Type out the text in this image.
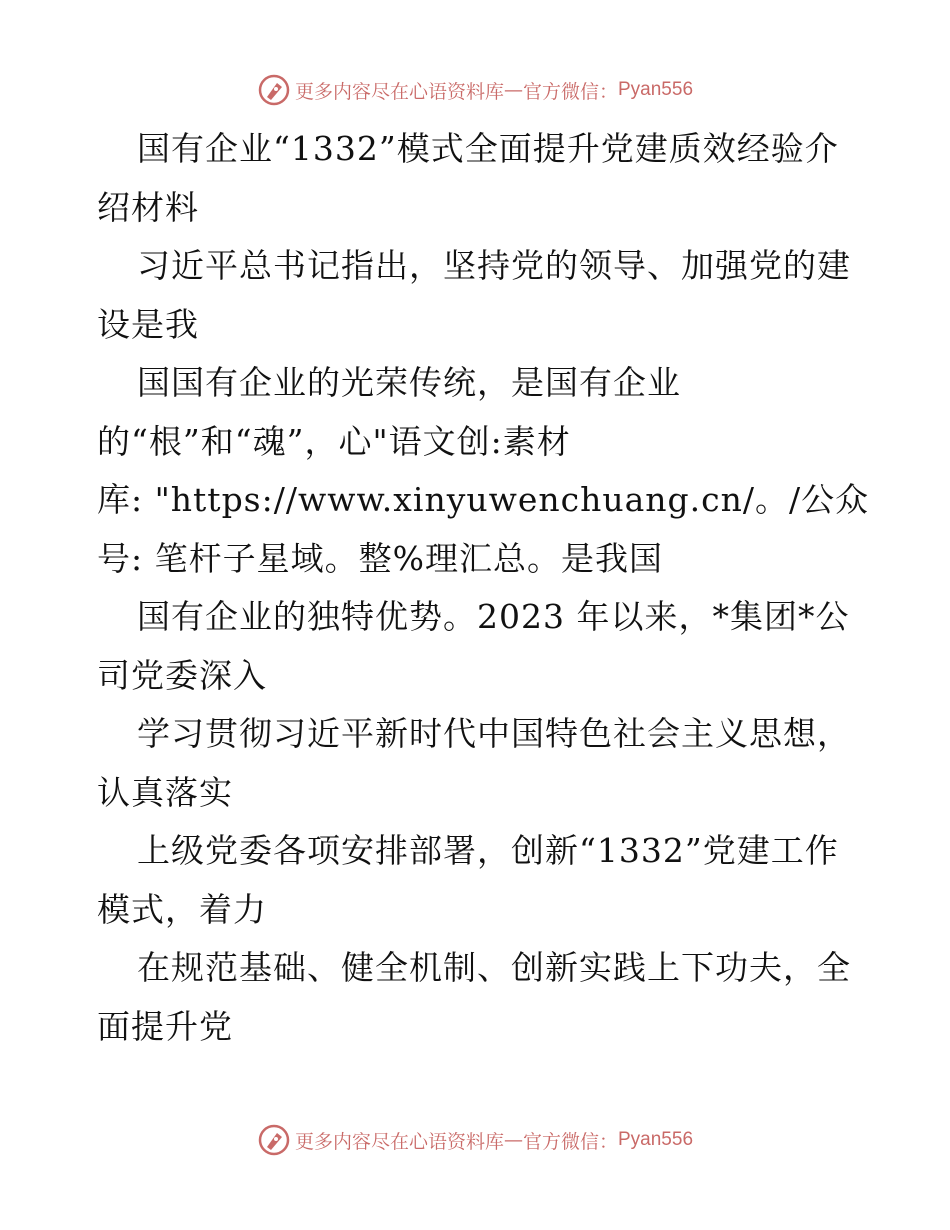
更多内容尽在心语资料库 — 官方微信： Pyan556
国有企业“1332”模式全面提升党建质效经验介
绍材料
习近平总书记指出，坚持党的领导、加强党的建
设是我
国国有企业的光荣传统，是国有企业
的“根”和“魂”，心"语文创:素材
库: "https://www.xinyuwenchuang.cn/。/公众
号: 笔杆子星域。整%理汇总。是我国
国有企业的独特优势。2023 年以来，*集团*公
司党委深入
学习贯彻习近平新时代中国特色社会主义思想，
认真落实
上级党委各项安排部署，创新“1332”党建工作
模式，着力
在规范基础、健全机制、创新实践上下功夫，全
面提升党
更多内容尽在心语资料库 — 官方微信： Pyan556
